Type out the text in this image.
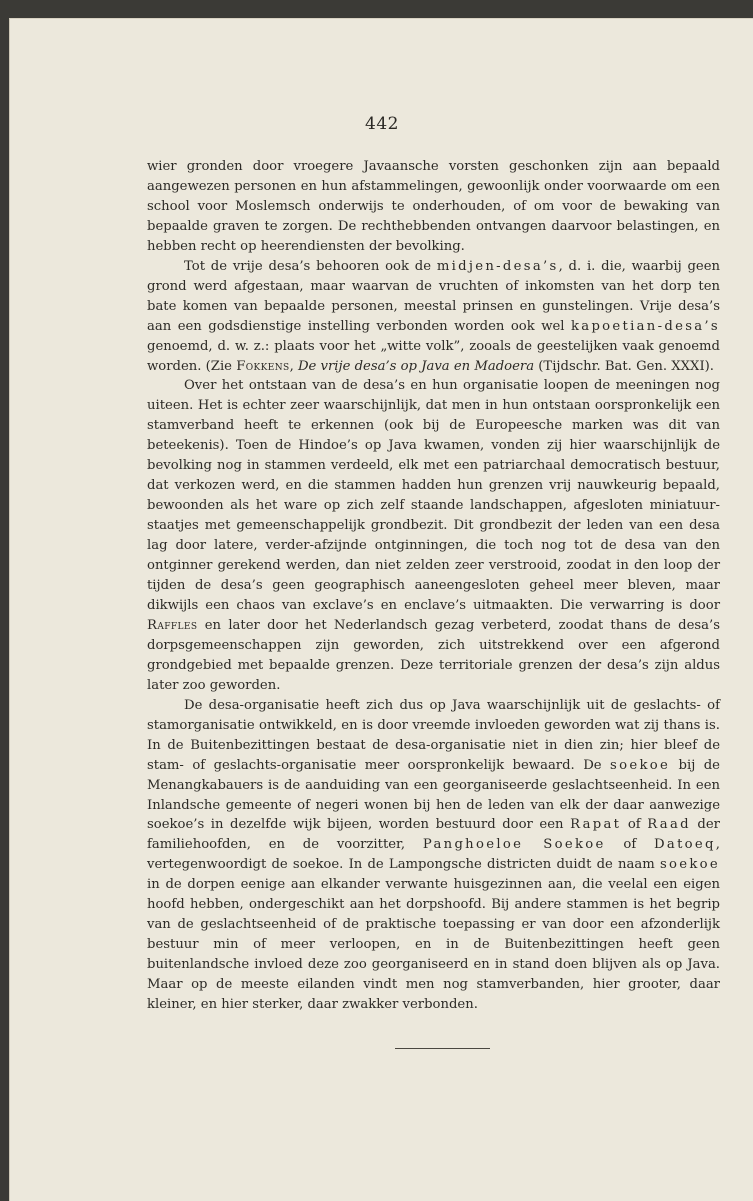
442

wier gronden door vroegere Javaansche vorsten geschonken zijn aan bepaald aangewezen personen en hun afstammelingen, gewoonlijk onder voorwaarde om een school voor Moslemsch onderwijs te onderhouden, of om voor de bewaking van bepaalde graven te zorgen. De rechthebbenden ontvangen daarvoor belastingen, en hebben recht op heerendiensten der bevolking.

Tot de vrije desa’s behooren ook de midjen-desa’s, d. i. die, waarbij geen grond werd afgestaan, maar waarvan de vruchten of inkomsten van het dorp ten bate komen van bepaalde personen, meestal prinsen en gunstelingen. Vrije desa’s aan een godsdienstige instelling verbonden worden ook wel kapoetian-desa’s genoemd, d. w. z.: plaats voor het „witte volk”, zooals de geestelijken vaak genoemd worden. (Zie Fokkens, De vrije desa’s op Java en Madoera (Tijdschr. Bat. Gen. XXXI).

Over het ontstaan van de desa’s en hun organisatie loopen de meeningen nog uiteen. Het is echter zeer waarschijnlijk, dat men in hun ontstaan oorspronkelijk een stamverband heeft te erkennen (ook bij de Europeesche marken was dit van beteekenis). Toen de Hindoe’s op Java kwamen, vonden zij hier waarschijnlijk de bevolking nog in stammen verdeeld, elk met een patriarchaal democratisch bestuur, dat verkozen werd, en die stammen hadden hun grenzen vrij nauwkeurig bepaald, bewoonden als het ware op zich zelf staande landschappen, afgesloten miniatuur-staatjes met gemeenschappelijk grondbezit. Dit grondbezit der leden van een desa lag door latere, verder-afzijnde ontginningen, die toch nog tot de desa van den ontginner gerekend werden, dan niet zelden zeer verstrooid, zoodat in den loop der tijden de desa’s geen geographisch aaneengesloten geheel meer bleven, maar dikwijls een chaos van exclave’s en enclave’s uitmaakten. Die verwarring is door Raffles en later door het Nederlandsch gezag verbeterd, zoodat thans de desa’s dorpsgemeenschappen zijn geworden, zich uitstrekkend over een afgerond grondgebied met bepaalde grenzen. Deze territoriale grenzen der desa’s zijn aldus later zoo geworden.

De desa-organisatie heeft zich dus op Java waarschijnlijk uit de geslachts- of stamorganisatie ontwikkeld, en is door vreemde invloeden geworden wat zij thans is. In de Buitenbezittingen bestaat de desa-organisatie niet in dien zin; hier bleef de stam- of geslachts-organisatie meer oorspronkelijk bewaard. De soekoe bij de Menangkabauers is de aanduiding van een georganiseerde geslachtseenheid. In een Inlandsche gemeente of negeri wonen bij hen de leden van elk der daar aanwezige soekoe’s in dezelfde wijk bijeen, worden bestuurd door een Rapat of Raad der familiehoofden, en de voorzitter, Panghoeloe Soekoe of Datoeq, vertegenwoordigt de soekoe. In de Lampongsche districten duidt de naam soekoe in de dorpen eenige aan elkander verwante huisgezinnen aan, die veelal een eigen hoofd hebben, ondergeschikt aan het dorpshoofd. Bij andere stammen is het begrip van de geslachtseenheid of de praktische toepassing er van door een afzonderlijk bestuur min of meer verloopen, en in de Buitenbezittingen heeft geen buitenlandsche invloed deze zoo georganiseerd en in stand doen blijven als op Java. Maar op de meeste eilanden vindt men nog stamverbanden, hier grooter, daar kleiner, en hier sterker, daar zwakker verbonden.
